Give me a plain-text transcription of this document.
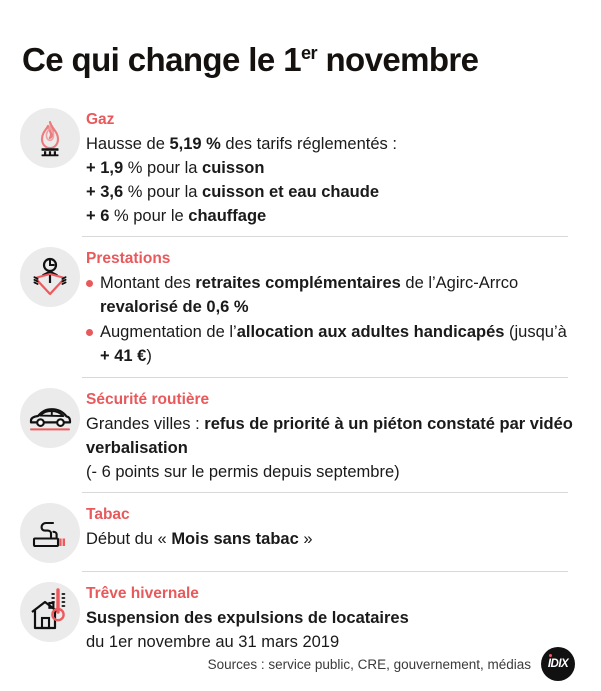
Ce qui change le 1er novembre
Gaz
Hausse de 5,19 % des tarifs réglementés :
+ 1,9 % pour la cuisson
+ 3,6 % pour la cuisson et eau chaude
+ 6 % pour le chauffage
Prestations
Montant des retraites complémentaires de l’Agirc-Arrco revalorisé de 0,6 %
Augmentation de l’allocation aux adultes handicapés (jusqu’à + 41 €)
Sécurité routière
Grandes villes : refus de priorité à un piéton constaté par vidéo verbalisation
(- 6 points sur le permis depuis septembre)
Tabac
Début du « Mois sans tabac »
Trêve hivernale
Suspension des expulsions de locataires
du 1er novembre au 31 mars 2019
Sources : service public, CRE, gouvernement, médias IDIX
